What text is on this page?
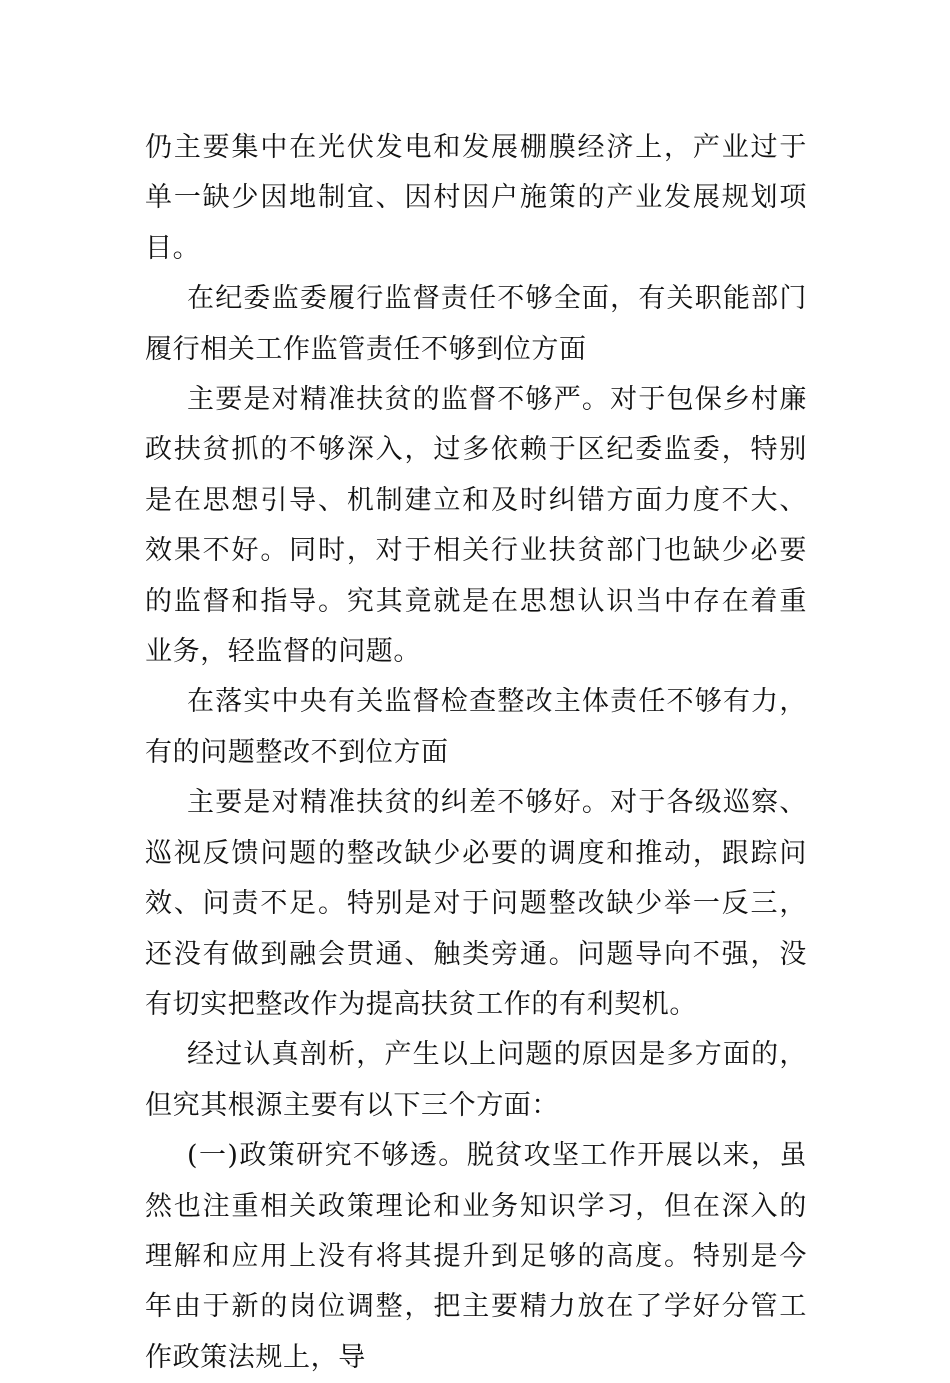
仍主要集中在光伏发电和发展棚膜经济上，产业过于单一缺少因地制宜、因村因户施策的产业发展规划项目。

在纪委监委履行监督责任不够全面，有关职能部门履行相关工作监管责任不够到位方面

主要是对精准扶贫的监督不够严。对于包保乡村廉政扶贫抓的不够深入，过多依赖于区纪委监委，特别是在思想引导、机制建立和及时纠错方面力度不大、效果不好。同时，对于相关行业扶贫部门也缺少必要的监督和指导。究其竟就是在思想认识当中存在着重业务，轻监督的问题。

在落实中央有关监督检查整改主体责任不够有力，有的问题整改不到位方面

主要是对精准扶贫的纠差不够好。对于各级巡察、巡视反馈问题的整改缺少必要的调度和推动，跟踪问效、问责不足。特别是对于问题整改缺少举一反三，还没有做到融会贯通、触类旁通。问题导向不强，没有切实把整改作为提高扶贫工作的有利契机。

经过认真剖析，产生以上问题的原因是多方面的，但究其根源主要有以下三个方面：

(一)政策研究不够透。脱贫攻坚工作开展以来，虽然也注重相关政策理论和业务知识学习，但在深入的理解和应用上没有将其提升到足够的高度。特别是今年由于新的岗位调整，把主要精力放在了学好分管工作政策法规上，导
